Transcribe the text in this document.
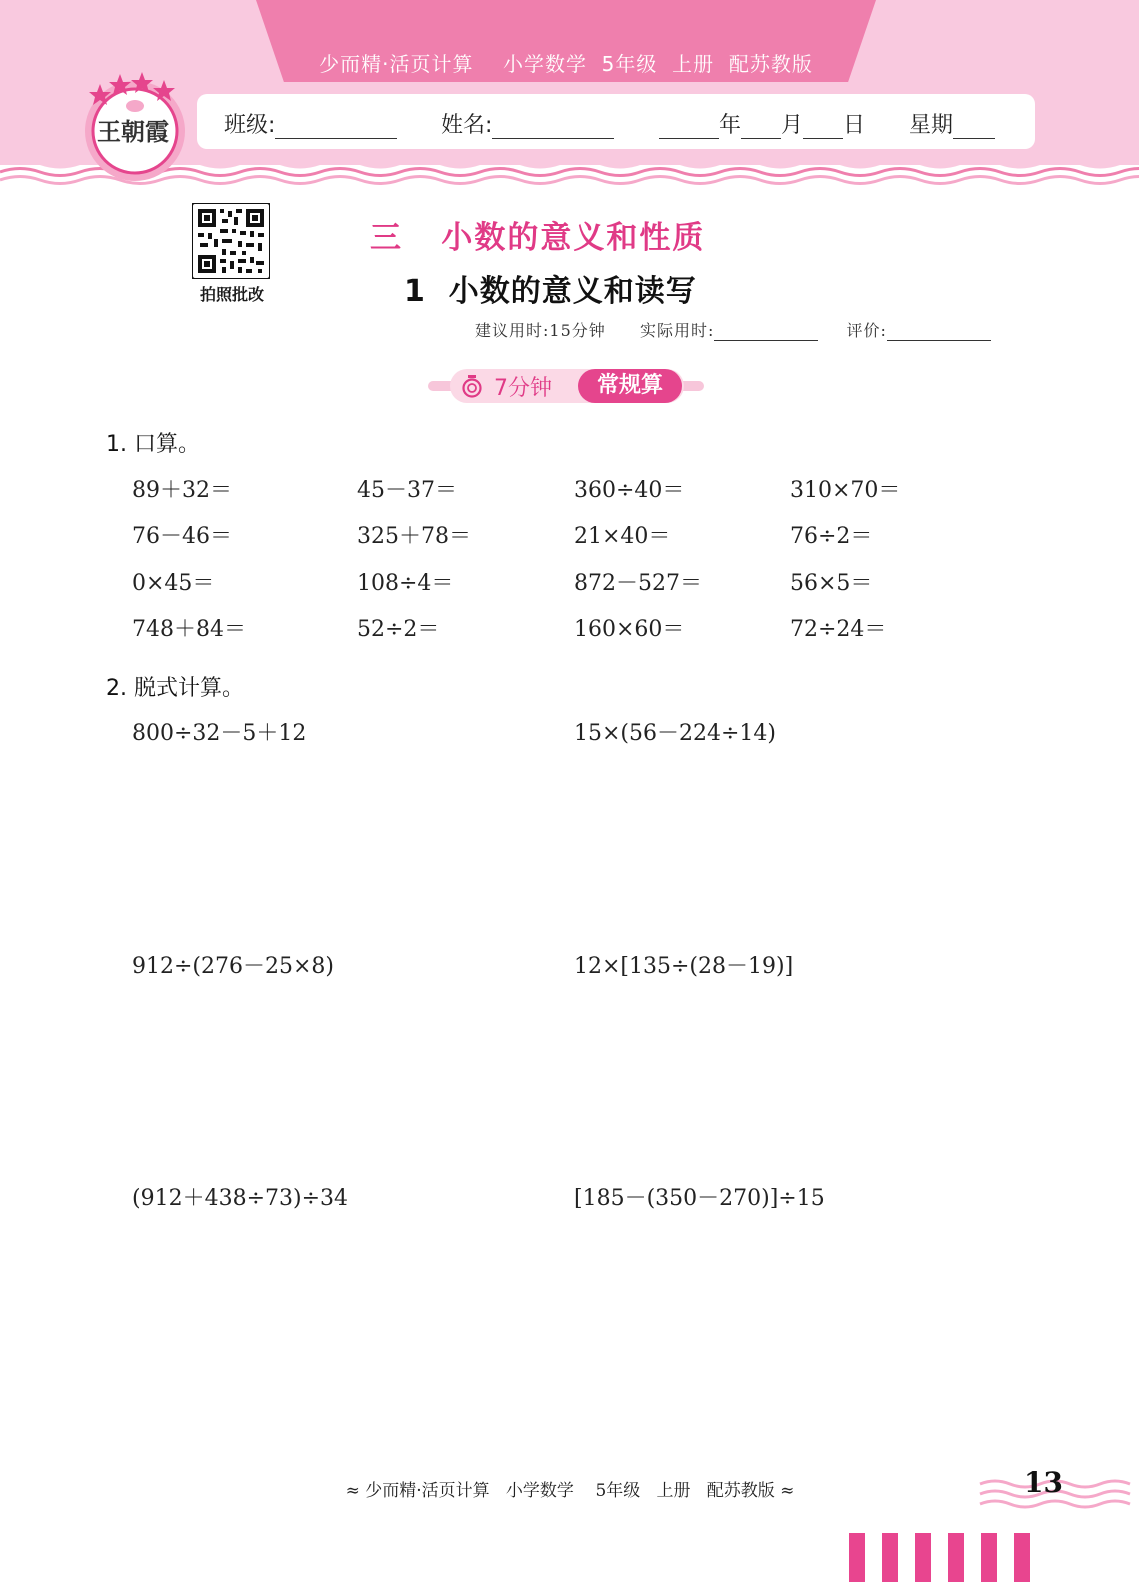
少而精·活页计算    小学数学  5年级  上册  配苏教版
班级:	姓名:	年 月 日 星期
王朝霞
拍照批改
三   小数的意义和性质
1  小数的意义和读写
建议用时:15分钟 实际用时:	评价:
7分钟	常规算
1. 口算。
89＋32＝	45－37＝	360÷40＝	310×70＝
76－46＝	325＋78＝	21×40＝	76÷2＝
0×45＝	108÷4＝	872－527＝	56×5＝
748＋84＝	52÷2＝	160×60＝	72÷24＝
2. 脱式计算。
800÷32－5＋12	15×(56－224÷14)
912÷(276－25×8)	12×[135÷(28－19)]
(912＋438÷73)÷34	[185－(350－270)]÷15
≈ 少而精·活页计算   小学数学    5年级   上册   配苏教版 ≈	13
